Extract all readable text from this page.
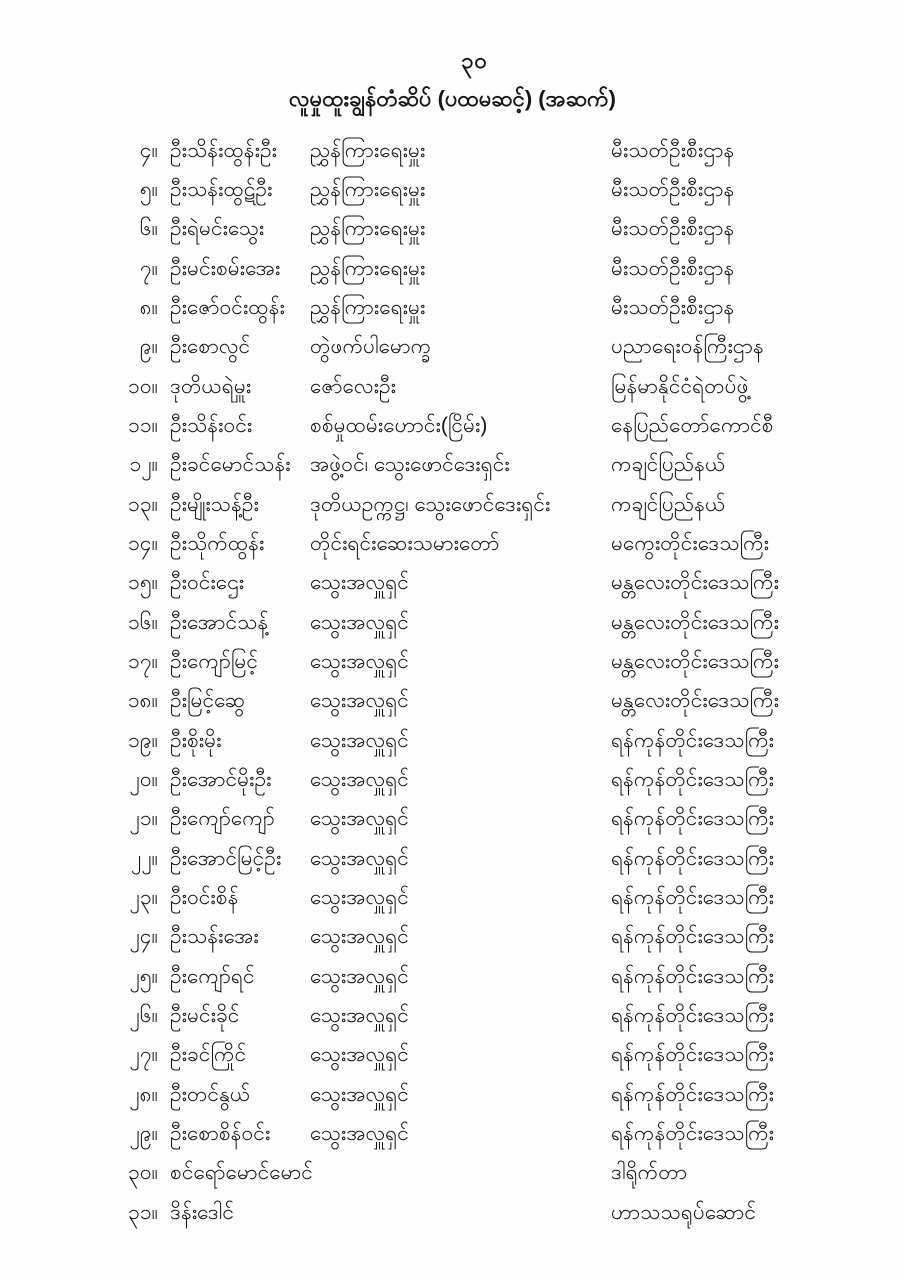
၃၀
လူမှုထူးချွန်တံဆိပ် (ပထမဆင့်) (အဆက်)
၄။ ဦးသိန်းထွန်းဦး	ညွှန်ကြားရေးမှူး	မီးသတ်ဦးစီးဌာန
၅။ ဦးသန်းထွဋ်ဦး	ညွှန်ကြားရေးမှူး	မီးသတ်ဦးစီးဌာန
၆။ ဦးရဲမင်းသွေး	ညွှန်ကြားရေးမှူး	မီးသတ်ဦးစီးဌာန
၇။ ဦးမင်းစမ်းအေး	ညွှန်ကြားရေးမှူး	မီးသတ်ဦးစီးဌာန
၈။ ဦးဇော်ဝင်းထွန်း	ညွှန်ကြားရေးမှူး	မီးသတ်ဦးစီးဌာန
၉။ ဦးစောလွင်	တွဲဖက်ပါမောက္ခ	ပညာရေးဝန်ကြီးဌာန
၁၀။ ဒုတိယရဲမှူး	ဇော်လေးဦး	မြန်မာနိုင်ငံရဲတပ်ဖွဲ့
၁၁။ ဦးသိန်းဝင်း	စစ်မှုထမ်းဟောင်း(ငြိမ်း)	နေပြည်တော်ကောင်စီ
၁၂။ ဦးခင်မောင်သန်း အဖွဲ့ဝင်၊ သွေးဖောင်ဒေးရှင်း	ကချင်ပြည်နယ်
၁၃။ ဦးမျိုးသန့်ဦး	ဒုတိယဥက္ကဋ္ဌ၊ သွေးဖောင်ဒေးရှင်း	ကချင်ပြည်နယ်
၁၄။ ဦးသိုက်ထွန်း	တိုင်းရင်းဆေးသမားတော်	မကွေးတိုင်းဒေသကြီး
၁၅။ ဦးဝင်းဌေး	သွေးအလှူရှင်	မန္တလေးတိုင်းဒေသကြီး
၁၆။ ဦးအောင်သန့်	သွေးအလှူရှင်	မန္တလေးတိုင်းဒေသကြီး
၁၇။ ဦးကျော်မြင့်	သွေးအလှူရှင်	မန္တလေးတိုင်းဒေသကြီး
၁၈။ ဦးမြင့်ဆွေ	သွေးအလှူရှင်	မန္တလေးတိုင်းဒေသကြီး
၁၉။ ဦးစိုးမိုး	သွေးအလှူရှင်	ရန်ကုန်တိုင်းဒေသကြီး
၂၀။ ဦးအောင်မိုးဦး	သွေးအလှူရှင်	ရန်ကုန်တိုင်းဒေသကြီး
၂၁။ ဦးကျော်ကျော်	သွေးအလှူရှင်	ရန်ကုန်တိုင်းဒေသကြီး
၂၂။ ဦးအောင်မြင့်ဦး	သွေးအလှူရှင်	ရန်ကုန်တိုင်းဒေသကြီး
၂၃။ ဦးဝင်းစိန်	သွေးအလှူရှင်	ရန်ကုန်တိုင်းဒေသကြီး
၂၄။ ဦးသန်းအေး	သွေးအလှူရှင်	ရန်ကုန်တိုင်းဒေသကြီး
၂၅။ ဦးကျော်ရင်	သွေးအလှူရှင်	ရန်ကုန်တိုင်းဒေသကြီး
၂၆။ ဦးမင်းခိုင်	သွေးအလှူရှင်	ရန်ကုန်တိုင်းဒေသကြီး
၂၇။ ဦးခင်ကြိုင်	သွေးအလှူရှင်	ရန်ကုန်တိုင်းဒေသကြီး
၂၈။ ဦးတင်နွယ်	သွေးအလှူရှင်	ရန်ကုန်တိုင်းဒေသကြီး
၂၉။ ဦးစောစိန်ဝင်း	သွေးအလှူရှင်	ရန်ကုန်တိုင်းဒေသကြီး
၃၀။ စင်ရော်မောင်မောင်	ဒါရိုက်တာ
၃၁။ ဒိန်းဒေါင်	ဟာသသရုပ်ဆောင်
